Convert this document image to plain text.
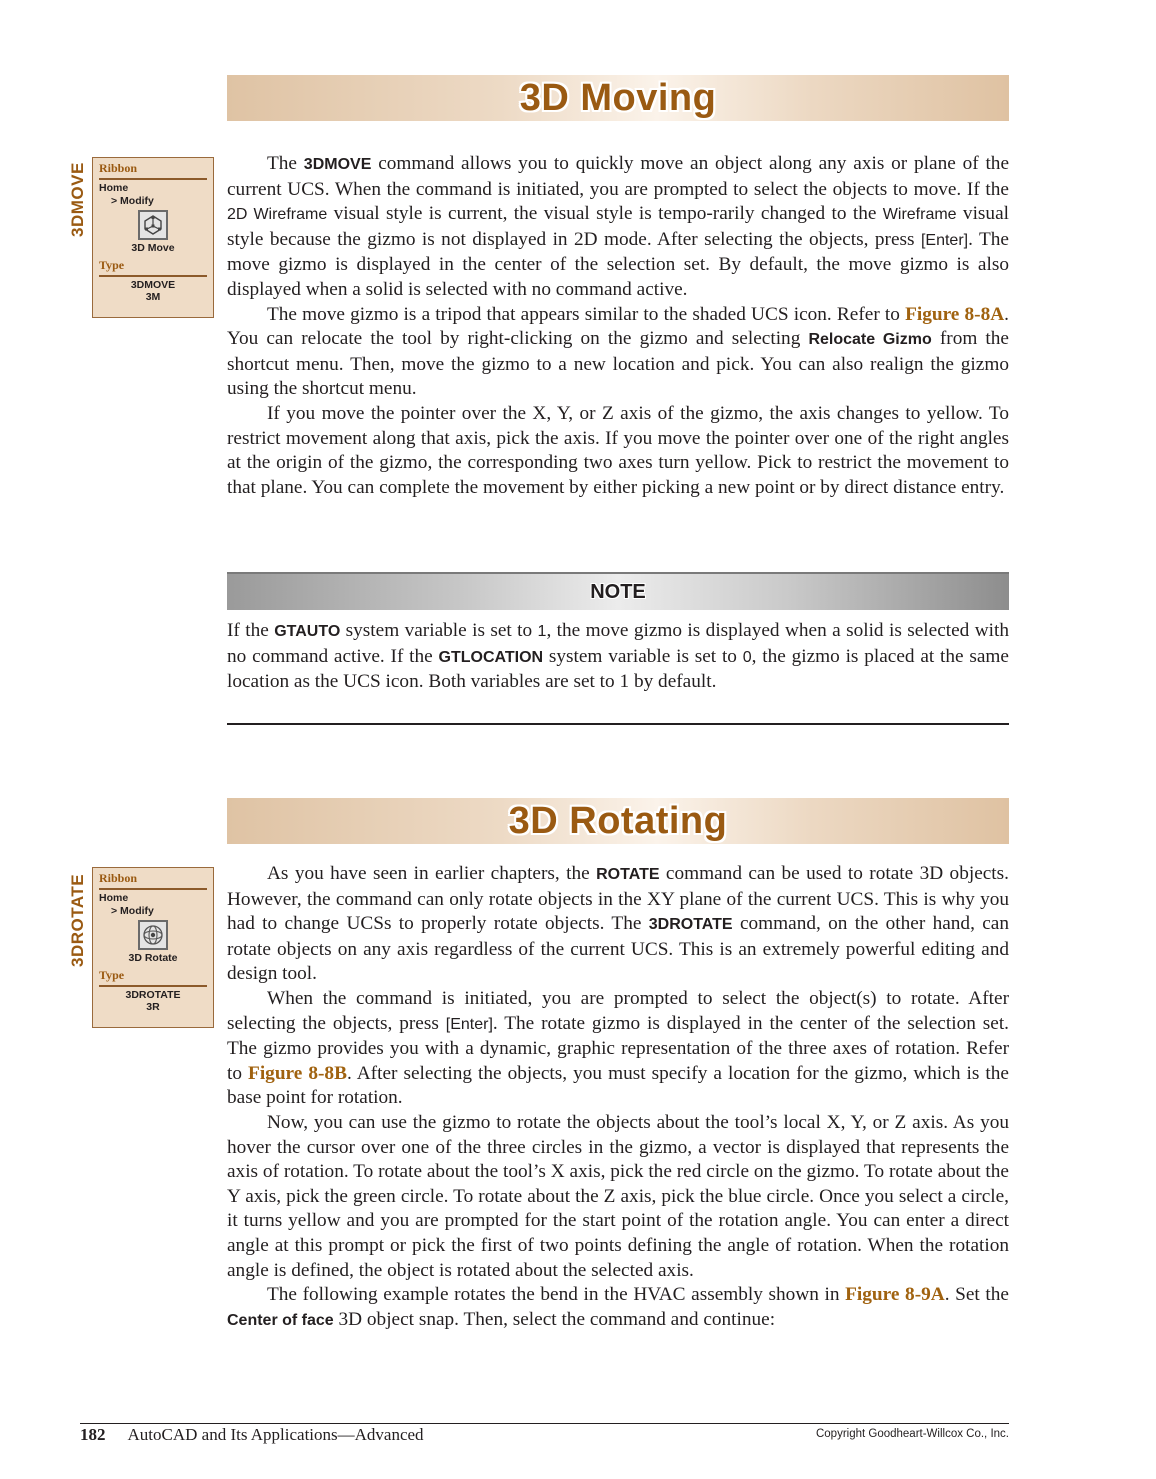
3D Moving
3DMOVE Ribbon
Home
> Modify
3D Move
Type
3DMOVE
3M

The 3DMOVE command allows you to quickly move an object along any axis or plane of the current UCS. When the command is initiated, you are prompted to select the objects to move. If the 2D Wireframe visual style is current, the visual style is tempo-rarily changed to the Wireframe visual style because the gizmo is not displayed in 2D mode. After selecting the objects, press [Enter]. The move gizmo is displayed in the center of the selection set. By default, the move gizmo is also displayed when a solid is selected with no command active.

The move gizmo is a tripod that appears similar to the shaded UCS icon. Refer to Figure 8-8A. You can relocate the tool by right-clicking on the gizmo and selecting Relocate Gizmo from the shortcut menu. Then, move the gizmo to a new location and pick. You can also realign the gizmo using the shortcut menu.

If you move the pointer over the X, Y, or Z axis of the gizmo, the axis changes to yellow. To restrict movement along that axis, pick the axis. If you move the pointer over one of the right angles at the origin of the gizmo, the corresponding two axes turn yellow. Pick to restrict the movement to that plane. You can complete the movement by either picking a new point or by direct distance entry.

NOTE

If the GTAUTO system variable is set to 1, the move gizmo is displayed when a solid is selected with no command active. If the GTLOCATION system variable is set to 0, the gizmo is placed at the same location as the UCS icon. Both variables are set to 1 by default.

3D Rotating
3DROTATE Ribbon
Home
> Modify
3D Rotate
Type
3DROTATE
3R

As you have seen in earlier chapters, the ROTATE command can be used to rotate 3D objects. However, the command can only rotate objects in the XY plane of the current UCS. This is why you had to change UCSs to properly rotate objects. The 3DROTATE command, on the other hand, can rotate objects on any axis regardless of the current UCS. This is an extremely powerful editing and design tool.

When the command is initiated, you are prompted to select the object(s) to rotate. After selecting the objects, press [Enter]. The rotate gizmo is displayed in the center of the selection set. The gizmo provides you with a dynamic, graphic representation of the three axes of rotation. Refer to Figure 8-8B. After selecting the objects, you must specify a location for the gizmo, which is the base point for rotation.

Now, you can use the gizmo to rotate the objects about the tool’s local X, Y, or Z axis. As you hover the cursor over one of the three circles in the gizmo, a vector is displayed that represents the axis of rotation. To rotate about the tool’s X axis, pick the red circle on the gizmo. To rotate about the Y axis, pick the green circle. To rotate about the Z axis, pick the blue circle. Once you select a circle, it turns yellow and you are prompted for the start point of the rotation angle. You can enter a direct angle at this prompt or pick the first of two points defining the angle of rotation. When the rotation angle is defined, the object is rotated about the selected axis.

The following example rotates the bend in the HVAC assembly shown in Figure 8-9A. Set the Center of face 3D object snap. Then, select the command and continue:

182 AutoCAD and Its Applications—Advanced	Copyright Goodheart-Willcox Co., Inc.
